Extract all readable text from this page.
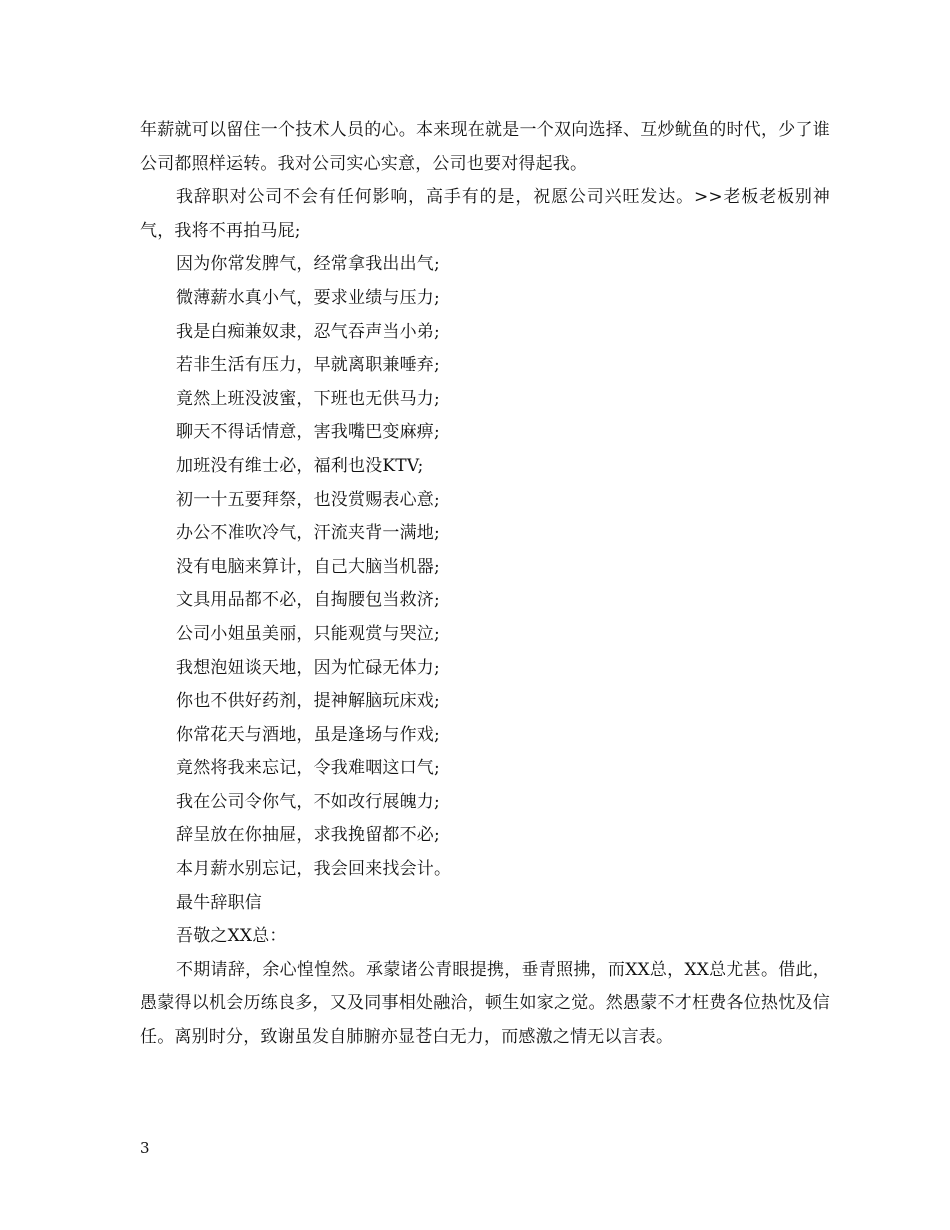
年薪就可以留住一个技术人员的心。本来现在就是一个双向选择、互炒鱿鱼的时代，少了谁公司都照样运转。我对公司实心实意，公司也要对得起我。

我辞职对公司不会有任何影响，高手有的是，祝愿公司兴旺发达。>>老板老板别神气，我将不再拍马屁;

因为你常发脾气，经常拿我出出气;

微薄薪水真小气，要求业绩与压力;

我是白痴兼奴隶，忍气吞声当小弟;

若非生活有压力，早就离职兼唾弃;

竟然上班没波蜜，下班也无供马力;

聊天不得话情意，害我嘴巴变麻痹;

加班没有维士必，福利也没KTV;

初一十五要拜祭，也没赏赐表心意;

办公不准吹冷气，汗流夹背一满地;

没有电脑来算计，自己大脑当机器;

文具用品都不必，自掏腰包当救济;

公司小姐虽美丽，只能观赏与哭泣;

我想泡妞谈天地，因为忙碌无体力;

你也不供好药剂，提神解脑玩床戏;

你常花天与酒地，虽是逢场与作戏;

竟然将我来忘记，令我难咽这口气;

我在公司令你气，不如改行展魄力;

辞呈放在你抽屉，求我挽留都不必;

本月薪水别忘记，我会回来找会计。

最牛辞职信

吾敬之XX总：

不期请辞，余心惶惶然。承蒙诸公青眼提携，垂青照拂，而XX总，XX总尤甚。借此，愚蒙得以机会历练良多，又及同事相处融洽，顿生如家之觉。然愚蒙不才枉费各位热忱及信任。离别时分，致谢虽发自肺腑亦显苍白无力，而感激之情无以言表。

3
